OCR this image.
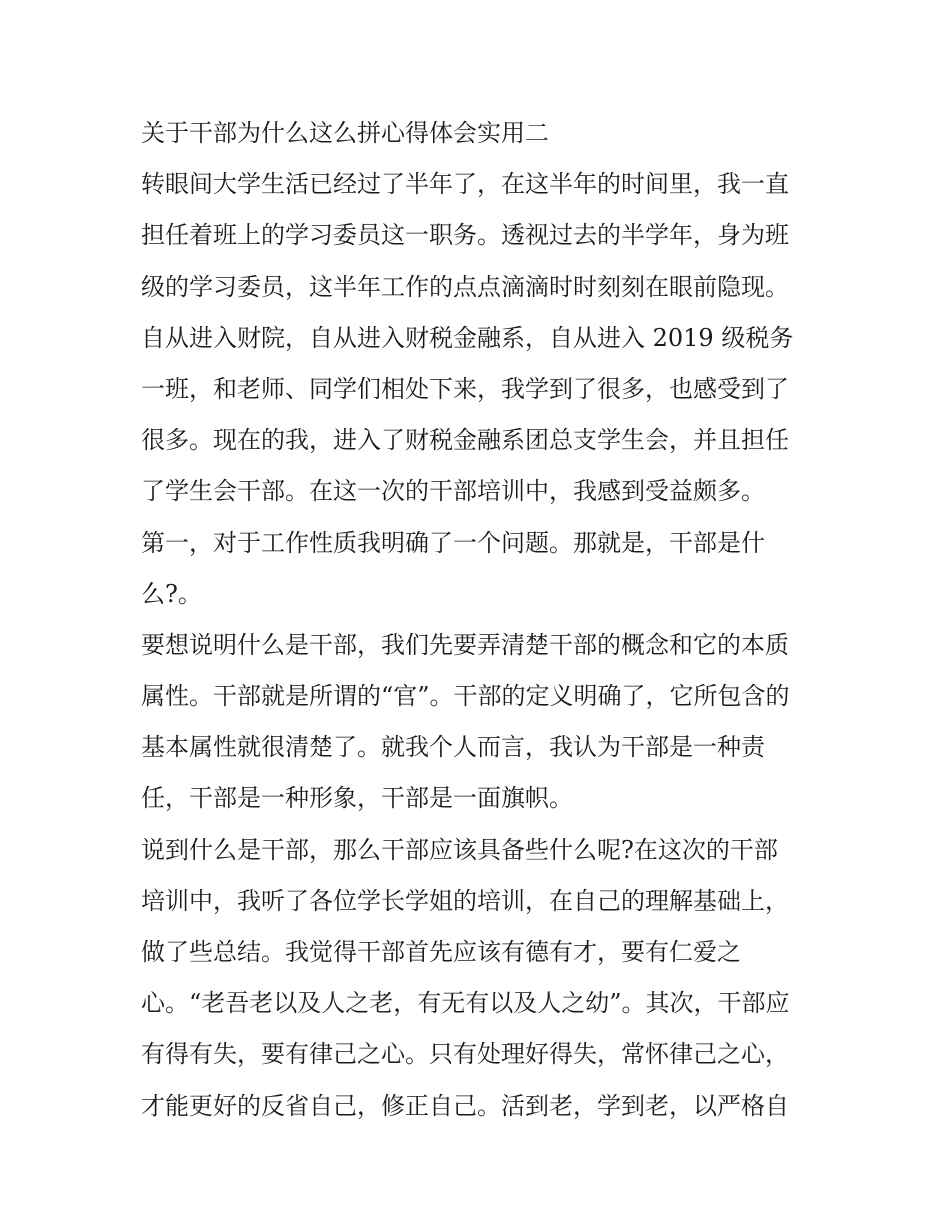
关于干部为什么这么拼心得体会实用二
转眼间大学生活已经过了半年了，在这半年的时间里，我一直
担任着班上的学习委员这一职务。透视过去的半学年，身为班
级的学习委员，这半年工作的点点滴滴时时刻刻在眼前隐现。
自从进入财院，自从进入财税金融系，自从进入 2019 级税务
一班，和老师、同学们相处下来，我学到了很多，也感受到了
很多。现在的我，进入了财税金融系团总支学生会，并且担任
了学生会干部。在这一次的干部培训中，我感到受益颇多。
第一，对于工作性质我明确了一个问题。那就是，干部是什
么?。
要想说明什么是干部，我们先要弄清楚干部的概念和它的本质
属性。干部就是所谓的“官”。干部的定义明确了，它所包含的
基本属性就很清楚了。就我个人而言，我认为干部是一种责
任，干部是一种形象，干部是一面旗帜。
说到什么是干部，那么干部应该具备些什么呢?在这次的干部
培训中，我听了各位学长学姐的培训，在自己的理解基础上，
做了些总结。我觉得干部首先应该有德有才，要有仁爱之
心。“老吾老以及人之老，有无有以及人之幼”。其次，干部应
有得有失，要有律己之心。只有处理好得失，常怀律己之心，
才能更好的反省自己，修正自己。活到老，学到老，以严格自
